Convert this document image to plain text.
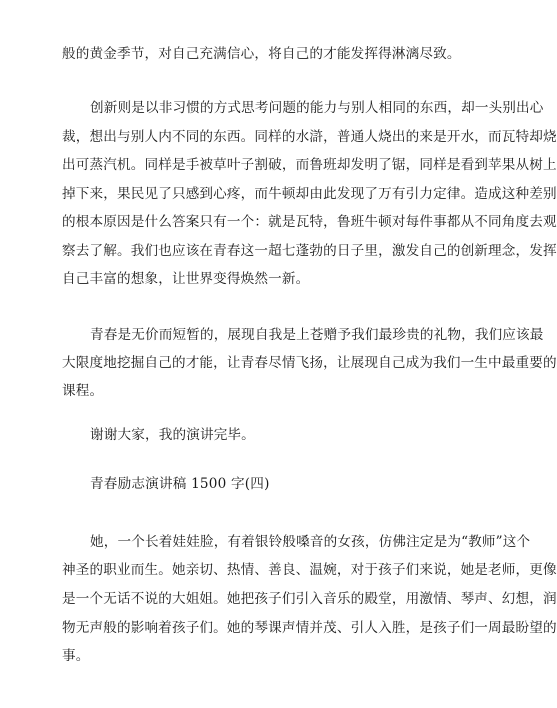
般的黄金季节，对自己充满信心，将自己的才能发挥得淋漓尽致。
创新则是以非习惯的方式思考问题的能力与别人相同的东西，却一头别出心
裁，想出与别人内不同的东西。同样的水滸，普通人烧出的来是开水，而瓦特却烧
出可蒸汽机。同样是手被草叶子割破，而鲁班却发明了锯，同样是看到苹果从树上
掉下来，果民见了只感到心疼，而牛顿却由此发现了万有引力定律。造成这种差别
的根本原因是什么答案只有一个：就是瓦特，鲁班牛顿对每件事都从不同角度去观
察去了解。我们也应该在青春这一超七蓬勃的日子里，激发自己的创新理念，发挥
自己丰富的想象，让世界变得焕然一新。
青春是无价而短暂的，展现自我是上苍赠予我们最珍贵的礼物，我们应该最
大限度地挖掘自己的才能，让青春尽情飞扬，让展现自己成为我们一生中最重要的
课程。
谢谢大家，我的演讲完毕。
青春励志演讲稿 1500 字(四)
她，一个长着娃娃脸，有着银铃般嗓音的女孩，仿佛注定是为“教师”这个
神圣的职业而生。她亲切、热情、善良、温婉，对于孩子们来说，她是老师，更像
是一个无话不说的大姐姐。她把孩子们引入音乐的殿堂，用激情、琴声、幻想，润
物无声般的影响着孩子们。她的琴课声情并茂、引人入胜，是孩子们一周最盼望的
事。
